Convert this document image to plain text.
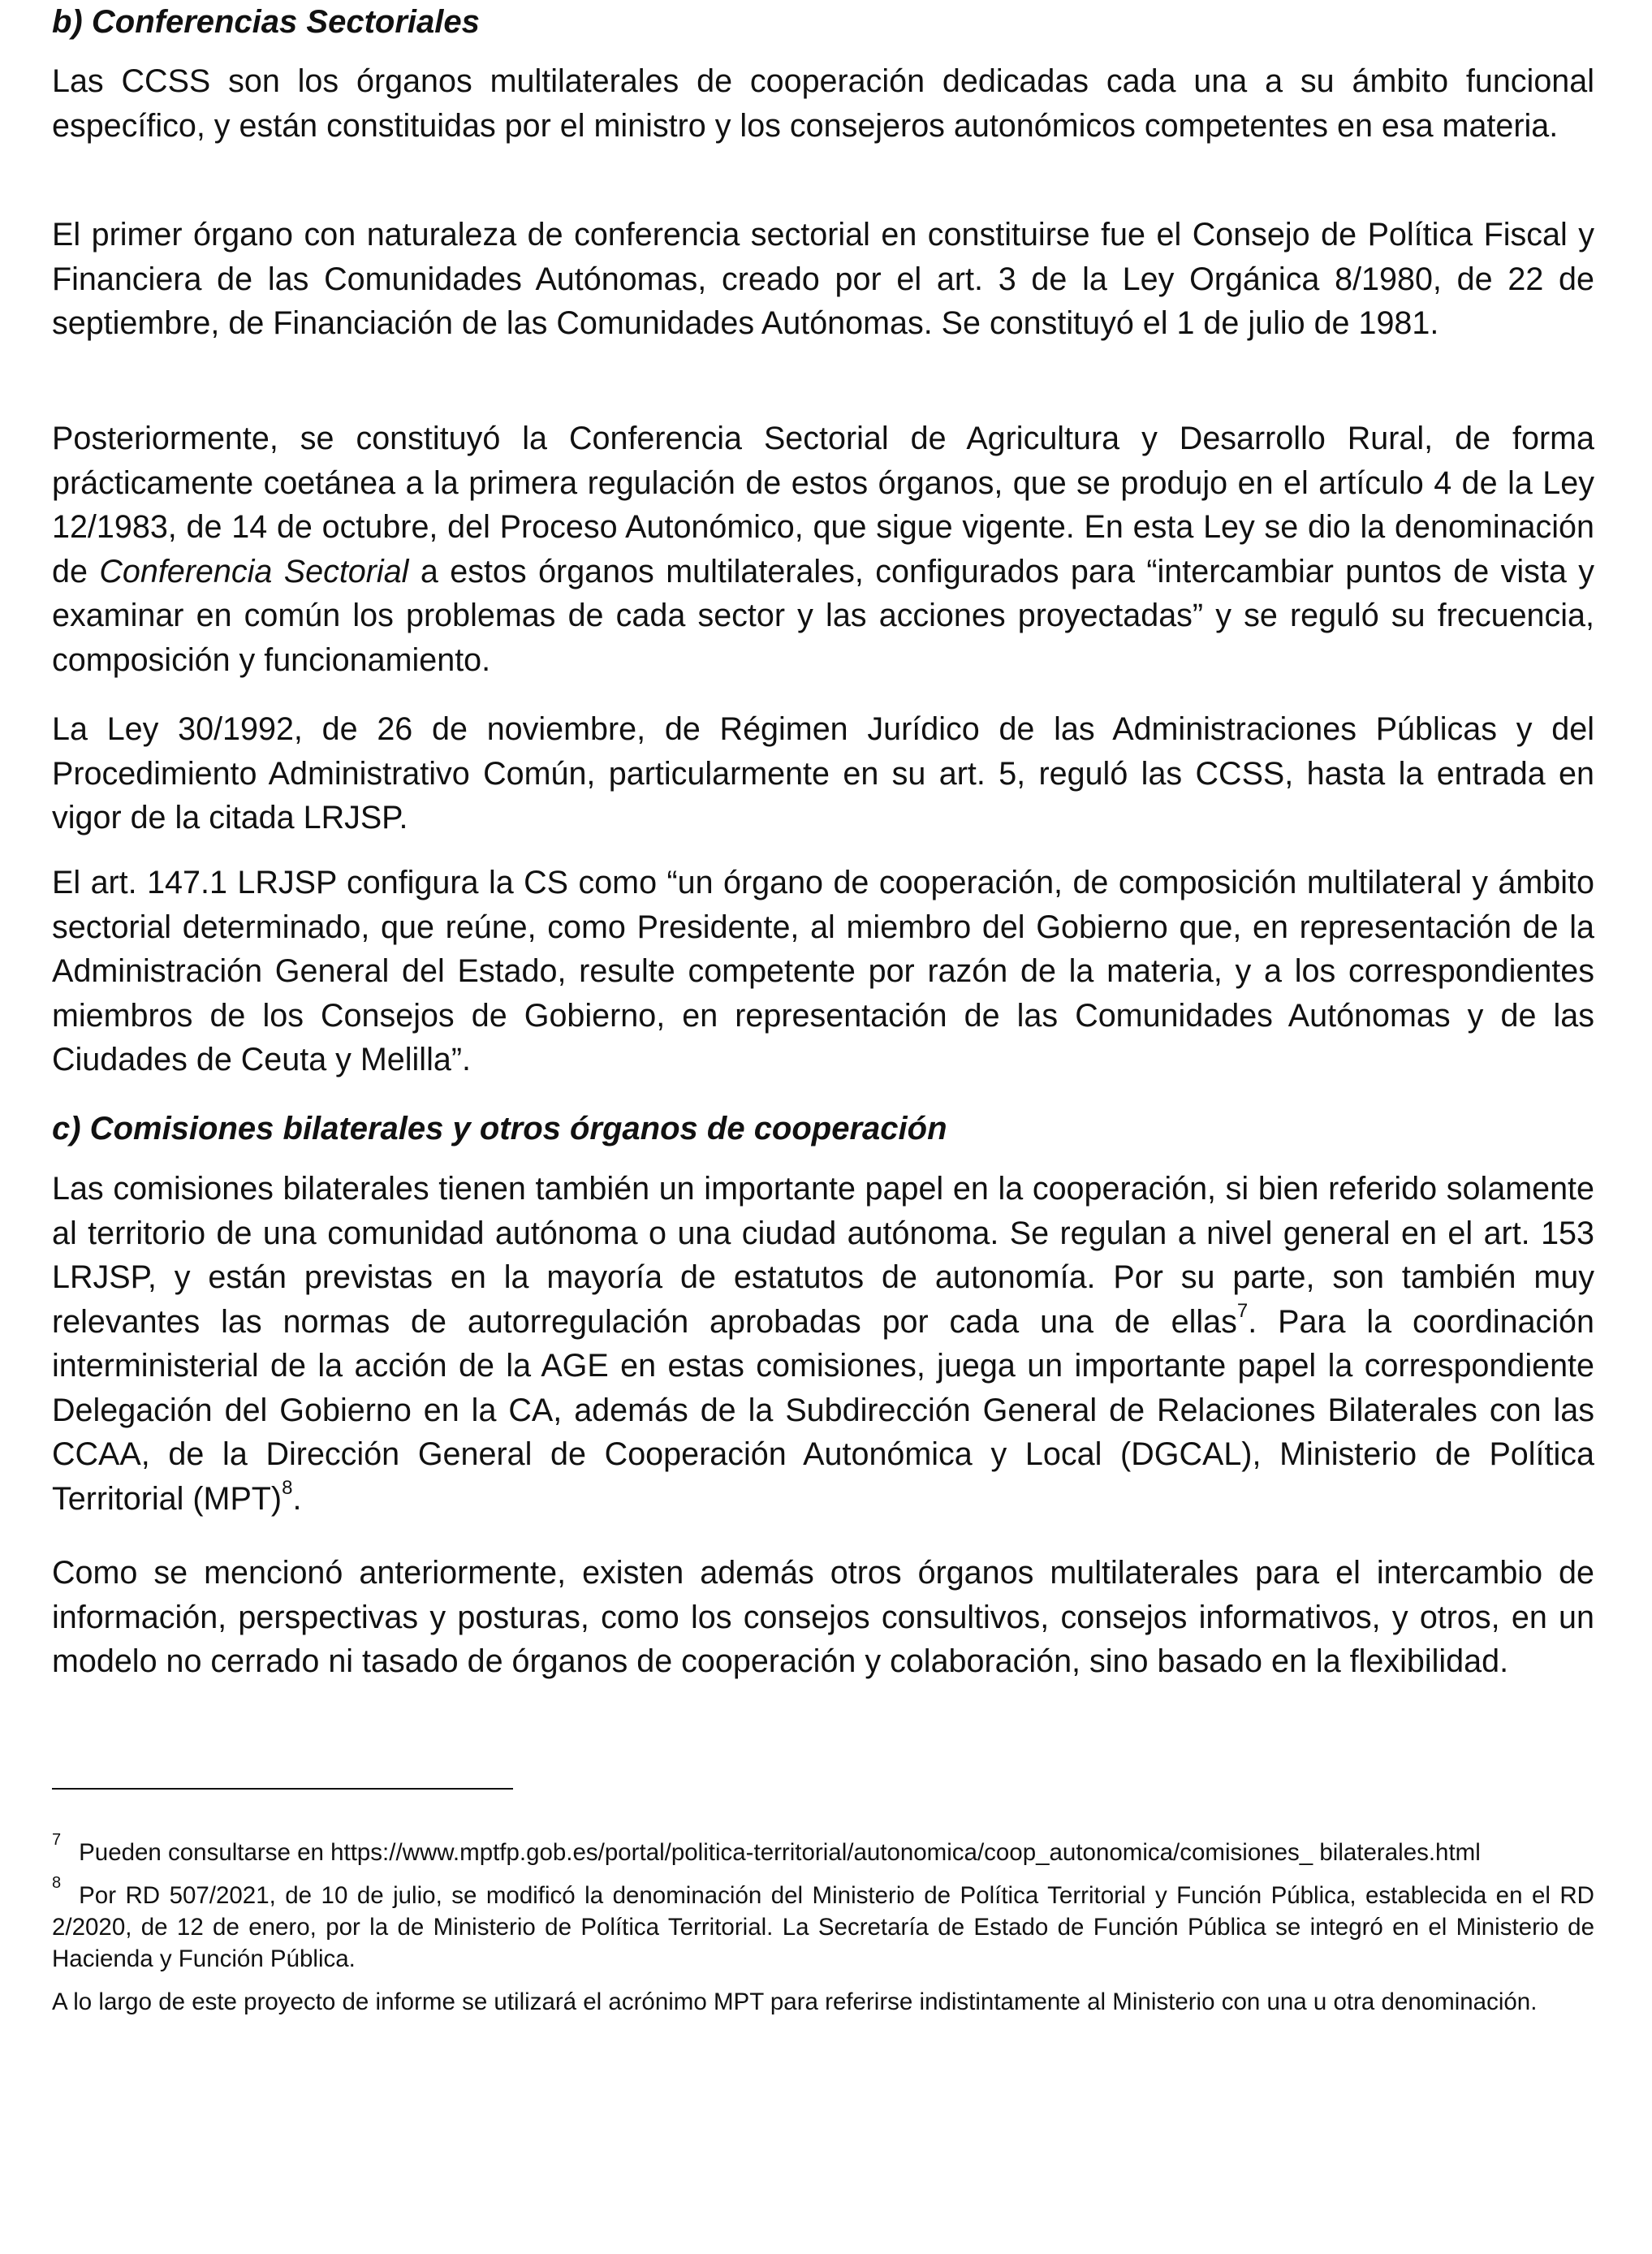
b) Conferencias Sectoriales

Las CCSS son los órganos multilaterales de cooperación dedicadas cada una a su ámbito funcional específico, y están constituidas por el ministro y los consejeros autonómicos competentes en esa materia.

El primer órgano con naturaleza de conferencia sectorial en constituirse fue el Consejo de Política Fiscal y Financiera de las Comunidades Autónomas, creado por el art. 3 de la Ley Orgánica 8/1980, de 22 de septiembre, de Financiación de las Comunidades Autónomas. Se constituyó el 1 de julio de 1981.

Posteriormente, se constituyó la Conferencia Sectorial de Agricultura y Desarrollo Rural, de forma prácticamente coetánea a la primera regulación de estos órganos, que se produjo en el artículo 4 de la Ley 12/1983, de 14 de octubre, del Proceso Autonómico, que sigue vigente. En esta Ley se dio la denominación de Conferencia Sectorial a estos órganos multilaterales, configurados para “intercambiar puntos de vista y examinar en común los problemas de cada sector y las acciones proyectadas” y se reguló su frecuencia, composición y funcionamiento.

La Ley 30/1992, de 26 de noviembre, de Régimen Jurídico de las Administraciones Públicas y del Procedimiento Administrativo Común, particularmente en su art. 5, reguló las CCSS, hasta la entrada en vigor de la citada LRJSP.

El art. 147.1 LRJSP configura la CS como “un órgano de cooperación, de composición multilateral y ámbito sectorial determinado, que reúne, como Presidente, al miembro del Gobierno que, en representación de la Administración General del Estado, resulte competente por razón de la materia, y a los correspondientes miembros de los Consejos de Gobierno, en representación de las Comunidades Autónomas y de las Ciudades de Ceuta y Melilla”.

c) Comisiones bilaterales y otros órganos de cooperación

Las comisiones bilaterales tienen también un importante papel en la cooperación, si bien referido solamente al territorio de una comunidad autónoma o una ciudad autónoma. Se regulan a nivel general en el art. 153 LRJSP, y están previstas en la mayoría de estatutos de autonomía. Por su parte, son también muy relevantes las normas de autorregulación aprobadas por cada una de ellas$^7$. Para la coordinación interministerial de la acción de la AGE en estas comisiones, juega un importante papel la correspondiente Delegación del Gobierno en la CA, además de la Subdirección General de Relaciones Bilaterales con las CCAA, de la Dirección General de Cooperación Autonómica y Local (DGCAL), Ministerio de Política Territorial (MPT)$^8$.

Como se mencionó anteriormente, existen además otros órganos multilaterales para el intercambio de información, perspectivas y posturas, como los consejos consultivos, consejos informativos, y otros, en un modelo no cerrado ni tasado de órganos de cooperación y colaboración, sino basado en la flexibilidad.

$^7$ Pueden consultarse en https://www.mptfp.gob.es/portal/politica-territorial/autonomica/coop_autonomica/comisiones_ bilaterales.html

$^8$ Por RD 507/2021, de 10 de julio, se modificó la denominación del Ministerio de Política Territorial y Función Pública, establecida en el RD 2/2020, de 12 de enero, por la de Ministerio de Política Territorial. La Secretaría de Estado de Función Pública se integró en el Ministerio de Hacienda y Función Pública.

A lo largo de este proyecto de informe se utilizará el acrónimo MPT para referirse indistintamente al Ministerio con una u otra denominación.
